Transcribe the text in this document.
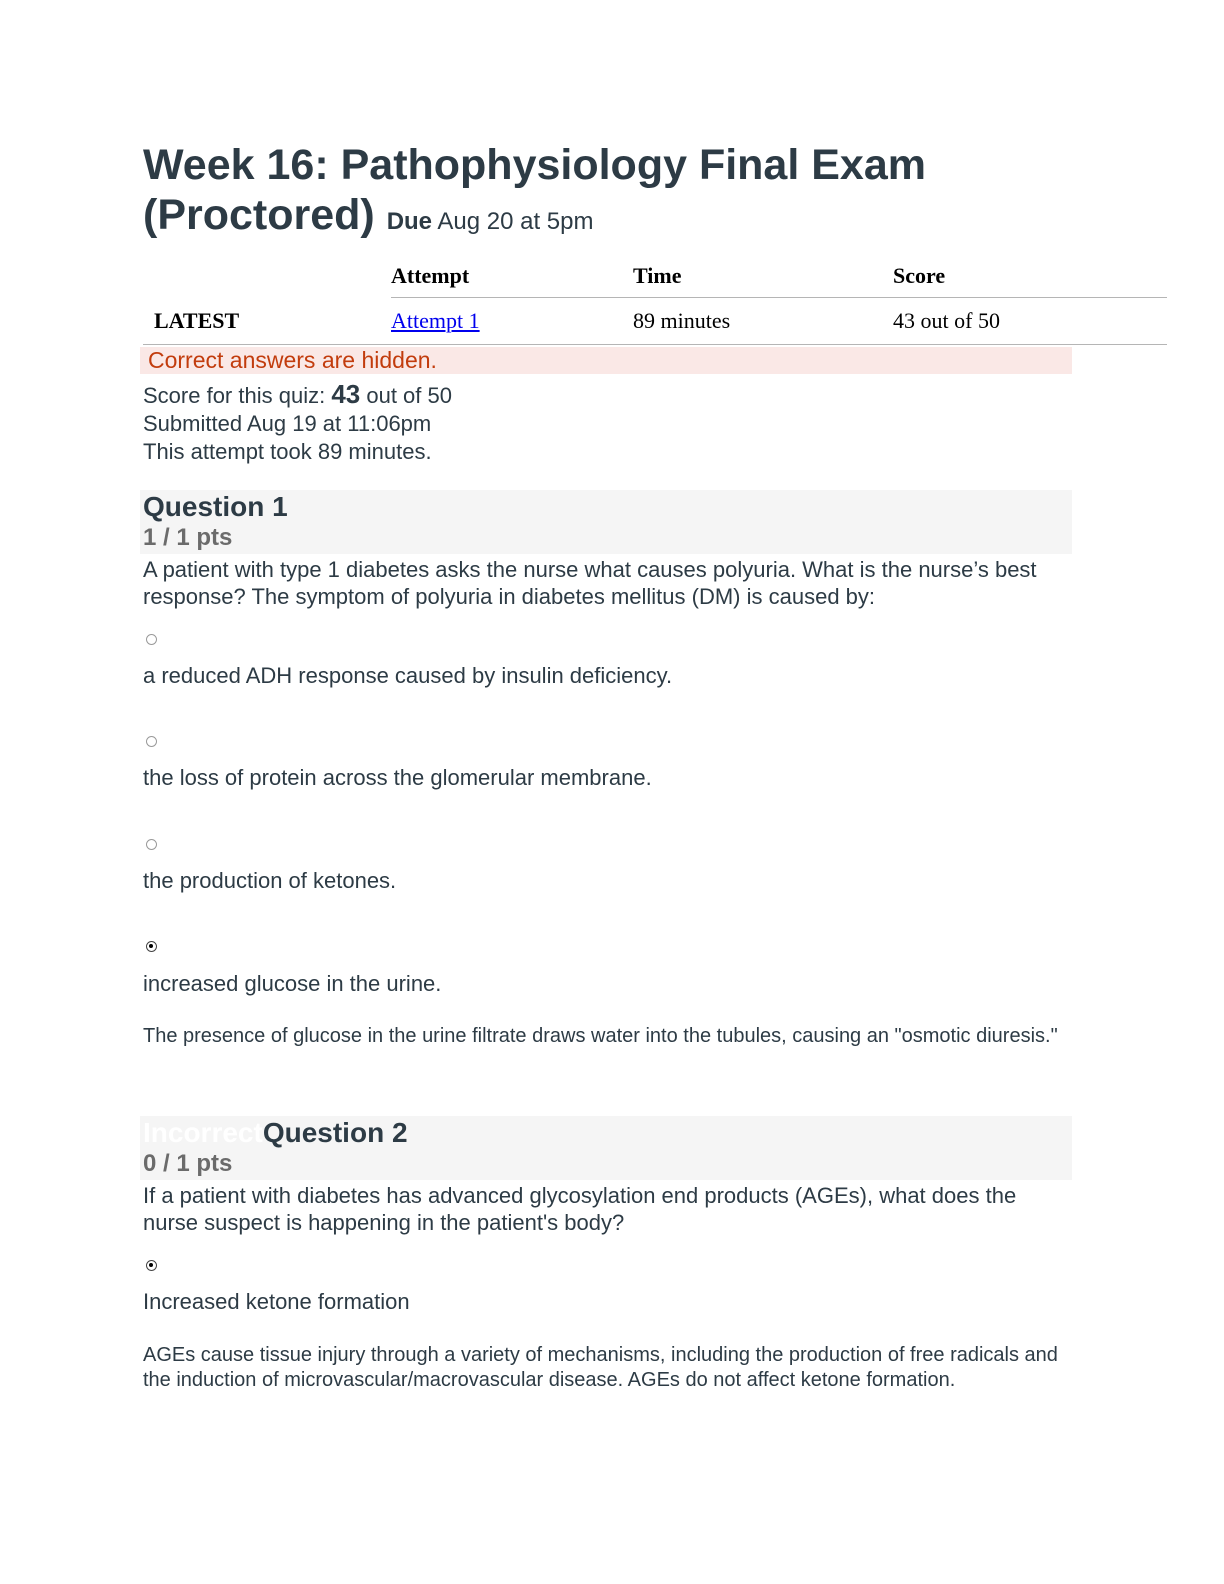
Week 16: Pathophysiology Final Exam (Proctored) Due Aug 20 at 5pm
	Attempt	Time	Score
LATEST	Attempt 1	89 minutes	43 out of 50
Correct answers are hidden.
Score for this quiz: 43 out of 50
Submitted Aug 19 at 11:06pm
This attempt took 89 minutes.
Question 1
1 / 1 pts
A patient with type 1 diabetes asks the nurse what causes polyuria. What is the nurse’s best response? The symptom of polyuria in diabetes mellitus (DM) is caused by:
a reduced ADH response caused by insulin deficiency.
the loss of protein across the glomerular membrane.
the production of ketones.
increased glucose in the urine.
The presence of glucose in the urine filtrate draws water into the tubules, causing an "osmotic diuresis."
IncorrectQuestion 2
0 / 1 pts
If a patient with diabetes has advanced glycosylation end products (AGEs), what does the nurse suspect is happening in the patient's body?
Increased ketone formation
AGEs cause tissue injury through a variety of mechanisms, including the production of free radicals and the induction of microvascular/macrovascular disease. AGEs do not affect ketone formation.
